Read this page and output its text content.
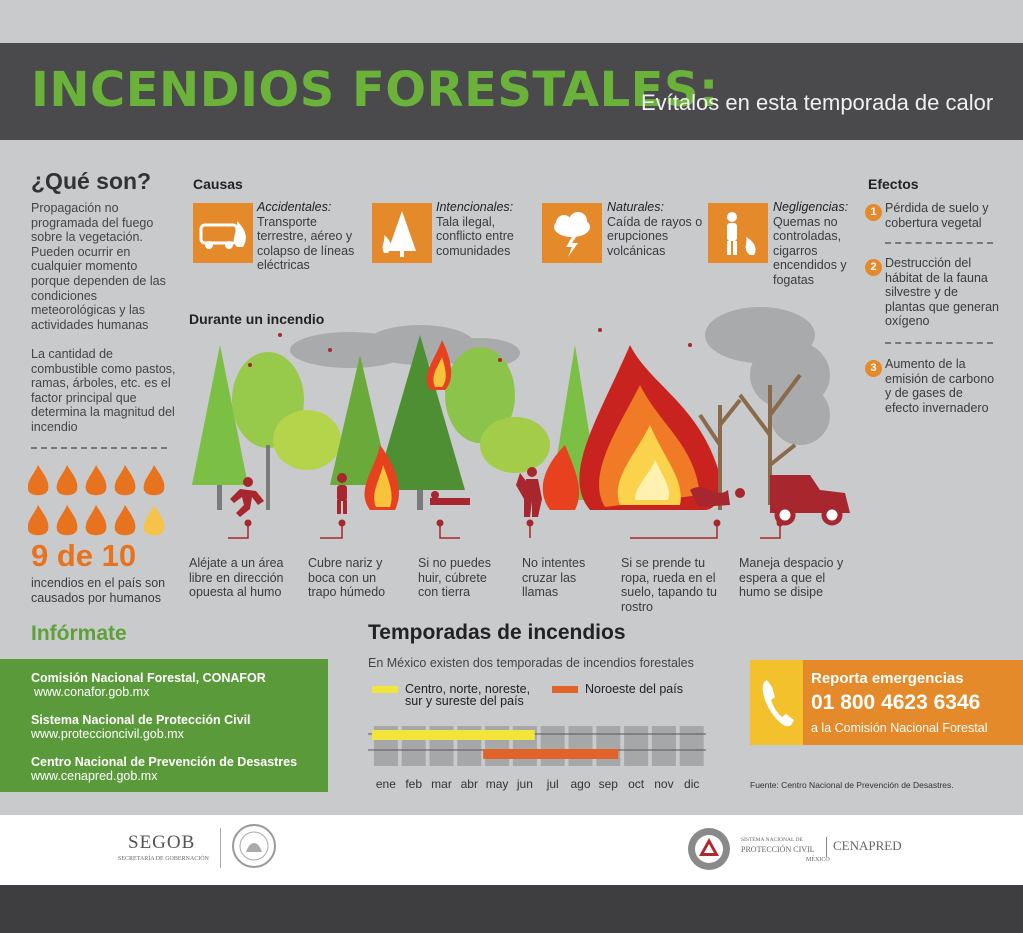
INCENDIOS FORESTALES:
Evítalos en esta temporada de calor
¿Qué son?
Propagación no programada del fuego sobre la vegetación. Pueden ocurrir en cualquier momento porque dependen de las condiciones meteorológicas y las actividades humanas
La cantidad de combustible como pastos, ramas, árboles, etc. es el factor principal que determina la magnitud del incendio
9 de 10
incendios en el país son causados por humanos
Causas
Accidentales:
Transporte terrestre, aéreo y colapso de líneas eléctricas
Intencionales:
Tala ilegal, conflicto entre comunidades
Naturales:
Caída de rayos o erupciones volcánicas
Negligencias:
Quemas no controladas, cigarros encendidos y fogatas
Efectos
1 Pérdida de suelo y cobertura vegetal
2 Destrucción del hábitat de la fauna silvestre y de plantas que generan oxígeno
3 Aumento de la emisión de carbono y de gases de efecto invernadero
Durante un incendio
Aléjate a un área libre en dirección opuesta al humo
Cubre nariz y boca con un trapo húmedo
Si no puedes huir, cúbrete con tierra
No intentes cruzar las llamas
Si se prende tu ropa, rueda en el suelo, tapando tu rostro
Maneja despacio y espera a que el humo se disipe
Infórmate
Comisión Nacional Forestal, CONAFOR
www.conafor.gob.mx
Sistema Nacional de Protección Civil
www.proteccioncivil.gob.mx
Centro Nacional de Prevención de Desastres
www.cenapred.gob.mx
Temporadas de incendios
En México existen dos temporadas de incendios forestales
Centro, norte, noreste, sur y sureste del país
Noroeste del país
ene feb mar abr may jun jul ago sep oct nov dic
Reporta emergencias
01 800 4623 6346
a la Comisión Nacional Forestal
Fuente: Centro Nacional de Prevención de Desastres.
SEGOB
SECRETARÍA DE GOBERNACIÓN
SISTEMA NACIONAL DE
PROTECCIÓN CIVIL
MÉXICO
CENAPRED
